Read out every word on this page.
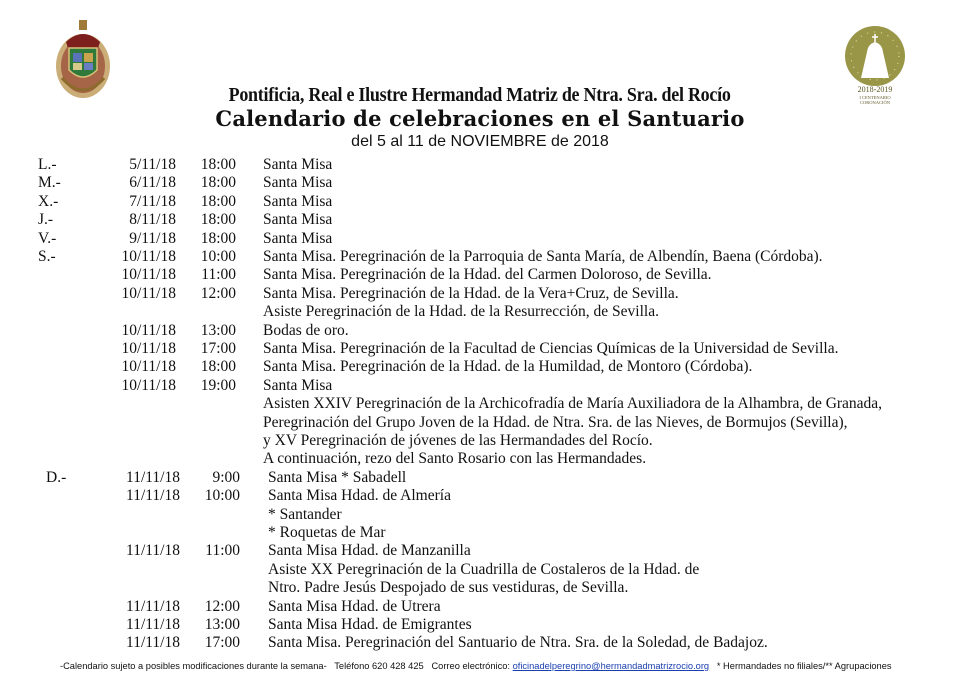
2018-2019
I CENTENARIO
CORONACIÓN
Pontificia, Real e Ilustre Hermandad Matriz de Ntra. Sra. del Rocío
Calendario de celebraciones en el Santuario
del 5 al 11 de NOVIEMBRE de 2018
L.-	5/11/18	18:00 Santa Misa
M.-	6/11/18	18:00 Santa Misa
X.-	7/11/18	18:00 Santa Misa
J.-	8/11/18	18:00 Santa Misa
V.-	9/11/18	18:00 Santa Misa
S.-	10/11/18	10:00 Santa Misa. Peregrinación de la Parroquia de Santa María, de Albendín, Baena (Córdoba).
10/11/18	11:00 Santa Misa. Peregrinación de la Hdad. del Carmen Doloroso, de Sevilla.
10/11/18	12:00 Santa Misa. Peregrinación de la Hdad. de la Vera+Cruz, de Sevilla.
Asiste Peregrinación de la Hdad. de la Resurrección, de Sevilla.
10/11/18	13:00 Bodas de oro.
10/11/18	17:00 Santa Misa. Peregrinación de la Facultad de Ciencias Químicas de la Universidad de Sevilla.
10/11/18	18:00 Santa Misa. Peregrinación de la Hdad. de la Humildad, de Montoro (Córdoba).
10/11/18	19:00 Santa Misa
Asisten XXIV Peregrinación de la Archicofradía de María Auxiliadora de la Alhambra, de Granada,
Peregrinación del Grupo Joven de la Hdad. de Ntra. Sra. de las Nieves, de Bormujos (Sevilla),
y XV Peregrinación de jóvenes de las Hermandades del Rocío.
A continuación, rezo del Santo Rosario con las Hermandades.
D.-	11/11/18	9:00 Santa Misa * Sabadell
11/11/18	10:00 Santa Misa Hdad. de Almería
* Santander
* Roquetas de Mar
11/11/18	11:00 Santa Misa Hdad. de Manzanilla
Asiste XX Peregrinación de la Cuadrilla de Costaleros de la Hdad. de
Ntro. Padre Jesús Despojado de sus vestiduras, de Sevilla.
11/11/18	12:00 Santa Misa Hdad. de Utrera
11/11/18	13:00 Santa Misa Hdad. de Emigrantes
11/11/18	17:00 Santa Misa. Peregrinación del Santuario de Ntra. Sra. de la Soledad, de Badajoz.
-Calendario sujeto a posibles modificaciones durante la semana- Teléfono 620 428 425 Correo electrónico: oficinadelperegrino@hermandadmatrizrocio.org * Hermandades no filiales/** Agrupaciones
